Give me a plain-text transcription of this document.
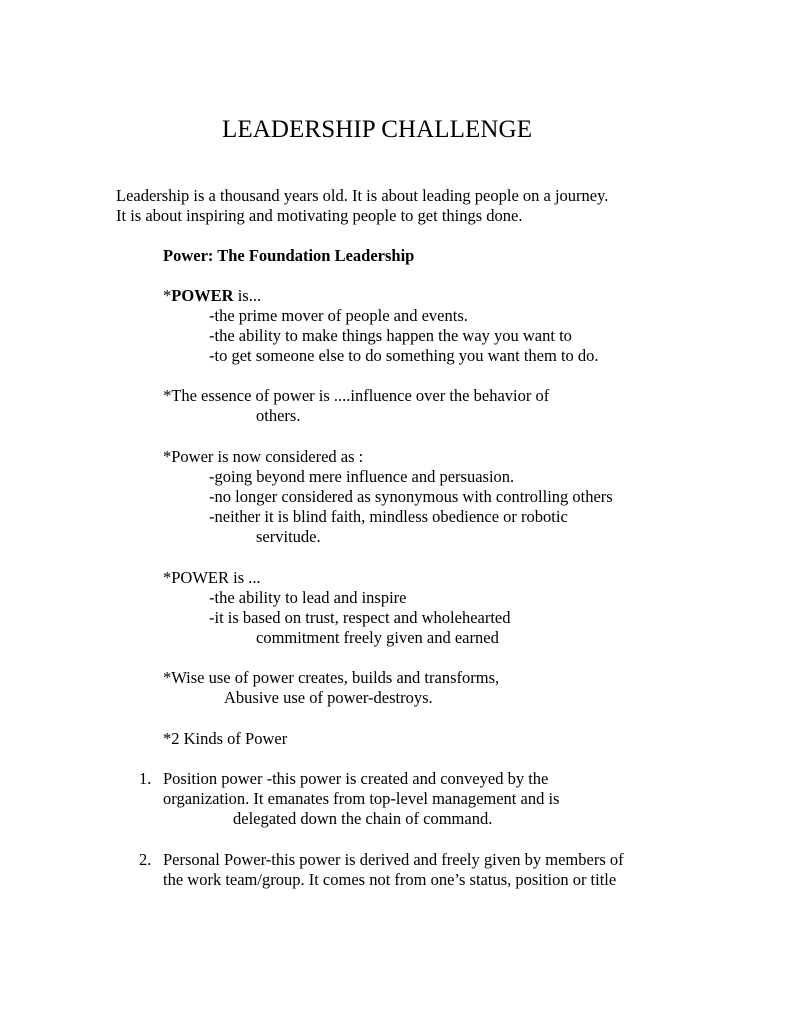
LEADERSHIP CHALLENGE
Leadership is a thousand years old. It is about leading people on a journey.
It is about inspiring and motivating people to get things done.
Power: The Foundation Leadership
*POWER is...
-the prime mover of people and events.
-the ability to make things happen the way you want to
-to get someone else to do something you want them to do.
*The essence of power is ....influence over the behavior of
others.
*Power is now considered as :
-going beyond mere influence and persuasion.
-no longer considered as synonymous with controlling others
-neither it is blind faith, mindless obedience or robotic
servitude.
*POWER is ...
-the ability to lead and inspire
-it is based on trust, respect and wholehearted
commitment freely given and earned
*Wise use of power creates, builds and transforms,
Abusive use of power-destroys.
*2 Kinds of Power
1. Position power -this power is created and conveyed by the
organization. It emanates from top-level management and is
delegated down the chain of command.
2. Personal Power-this power is derived and freely given by members of
the work team/group. It comes not from one’s status, position or title
